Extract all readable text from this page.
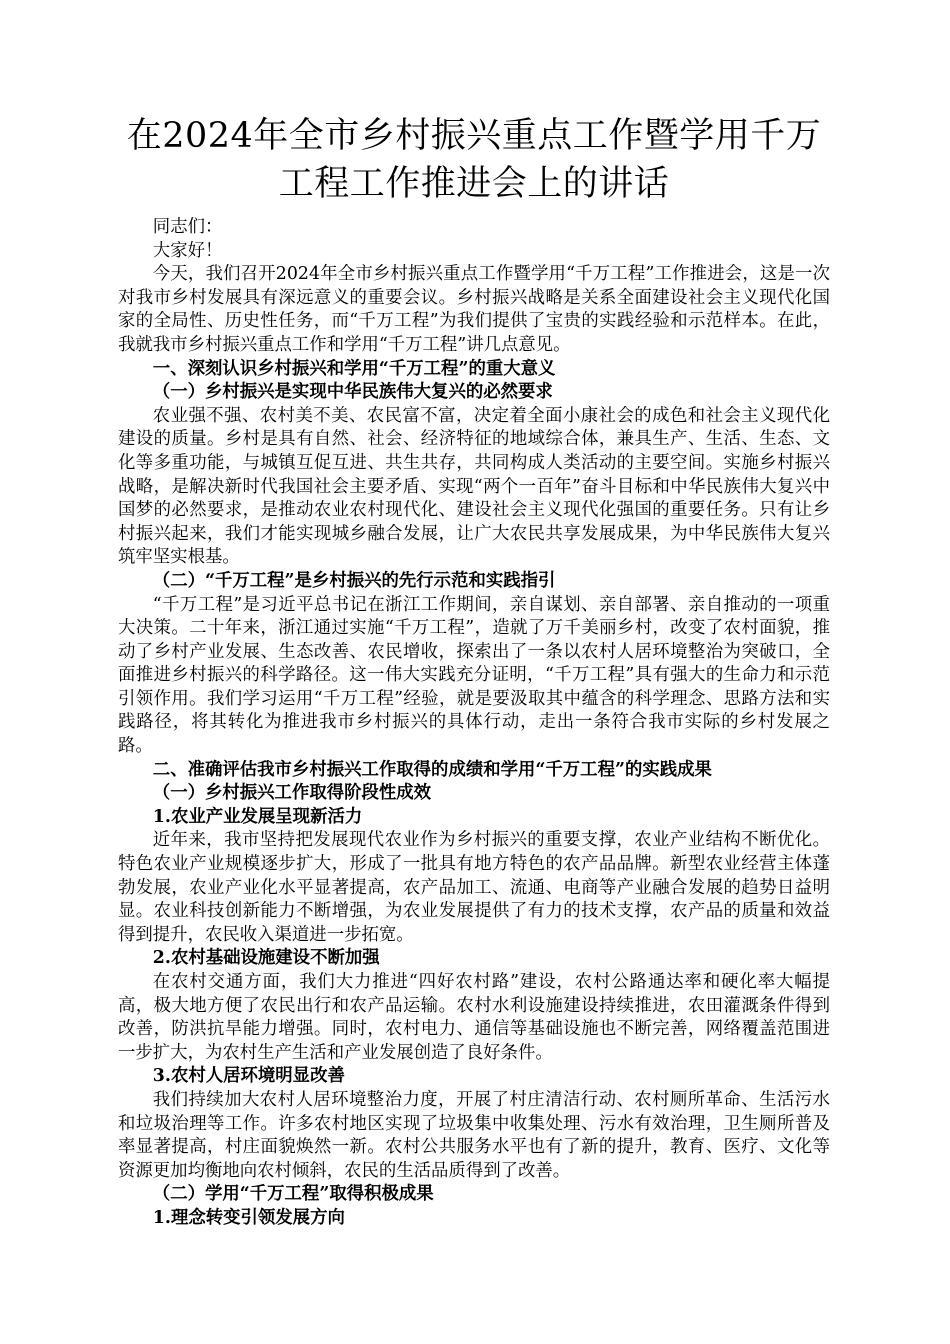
在2024年全市乡村振兴重点工作暨学用千万工程工作推进会上的讲话

同志们：

大家好！

今天，我们召开2024年全市乡村振兴重点工作暨学用“千万工程”工作推进会，这是一次对我市乡村发展具有深远意义的重要会议。乡村振兴战略是关系全面建设社会主义现代化国家的全局性、历史性任务，而“千万工程”为我们提供了宝贵的实践经验和示范样本。在此，我就我市乡村振兴重点工作和学用“千万工程”讲几点意见。

一、深刻认识乡村振兴和学用“千万工程”的重大意义

（一）乡村振兴是实现中华民族伟大复兴的必然要求

农业强不强、农村美不美、农民富不富，决定着全面小康社会的成色和社会主义现代化建设的质量。乡村是具有自然、社会、经济特征的地域综合体，兼具生产、生活、生态、文化等多重功能，与城镇互促互进、共生共存，共同构成人类活动的主要空间。实施乡村振兴战略，是解决新时代我国社会主要矛盾、实现“两个一百年”奋斗目标和中华民族伟大复兴中国梦的必然要求，是推动农业农村现代化、建设社会主义现代化强国的重要任务。只有让乡村振兴起来，我们才能实现城乡融合发展，让广大农民共享发展成果，为中华民族伟大复兴筑牢坚实根基。

（二）“千万工程”是乡村振兴的先行示范和实践指引

“千万工程”是习近平总书记在浙江工作期间，亲自谋划、亲自部署、亲自推动的一项重大决策。二十年来，浙江通过实施“千万工程”，造就了万千美丽乡村，改变了农村面貌，推动了乡村产业发展、生态改善、农民增收，探索出了一条以农村人居环境整治为突破口，全面推进乡村振兴的科学路径。这一伟大实践充分证明，“千万工程”具有强大的生命力和示范引领作用。我们学习运用“千万工程”经验，就是要汲取其中蕴含的科学理念、思路方法和实践路径，将其转化为推进我市乡村振兴的具体行动，走出一条符合我市实际的乡村发展之路。

二、准确评估我市乡村振兴工作取得的成绩和学用“千万工程”的实践成果

（一）乡村振兴工作取得阶段性成效

1.农业产业发展呈现新活力

近年来，我市坚持把发展现代农业作为乡村振兴的重要支撑，农业产业结构不断优化。特色农业产业规模逐步扩大，形成了一批具有地方特色的农产品品牌。新型农业经营主体蓬勃发展，农业产业化水平显著提高，农产品加工、流通、电商等产业融合发展的趋势日益明显。农业科技创新能力不断增强，为农业发展提供了有力的技术支撑，农产品的质量和效益得到提升，农民收入渠道进一步拓宽。

2.农村基础设施建设不断加强

在农村交通方面，我们大力推进“四好农村路”建设，农村公路通达率和硬化率大幅提高，极大地方便了农民出行和农产品运输。农村水利设施建设持续推进，农田灌溉条件得到改善，防洪抗旱能力增强。同时，农村电力、通信等基础设施也不断完善，网络覆盖范围进一步扩大，为农村生产生活和产业发展创造了良好条件。

3.农村人居环境明显改善

我们持续加大农村人居环境整治力度，开展了村庄清洁行动、农村厕所革命、生活污水和垃圾治理等工作。许多农村地区实现了垃圾集中收集处理、污水有效治理，卫生厕所普及率显著提高，村庄面貌焕然一新。农村公共服务水平也有了新的提升，教育、医疗、文化等资源更加均衡地向农村倾斜，农民的生活品质得到了改善。

（二）学用“千万工程”取得积极成果

1.理念转变引领发展方向
